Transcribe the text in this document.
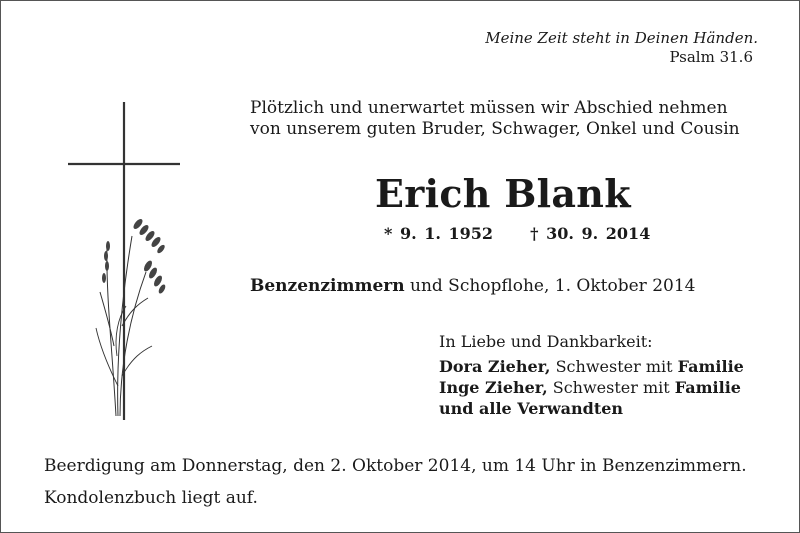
Meine Zeit steht in Deinen Händen.
Psalm 31.6
Plötzlich und unerwartet müssen wir Abschied nehmen
von unserem guten Bruder, Schwager, Onkel und Cousin
Erich Blank
* 9. 1. 1952 † 30. 9. 2014
Benzenzimmern und Schopflohe, 1. Oktober 2014
In Liebe und Dankbarkeit:
Dora Zieher, Schwester mit Familie
Inge Zieher, Schwester mit Familie
und alle Verwandten
Beerdigung am Donnerstag, den 2. Oktober 2014, um 14 Uhr in Benzenzimmern.
Kondolenzbuch liegt auf.
